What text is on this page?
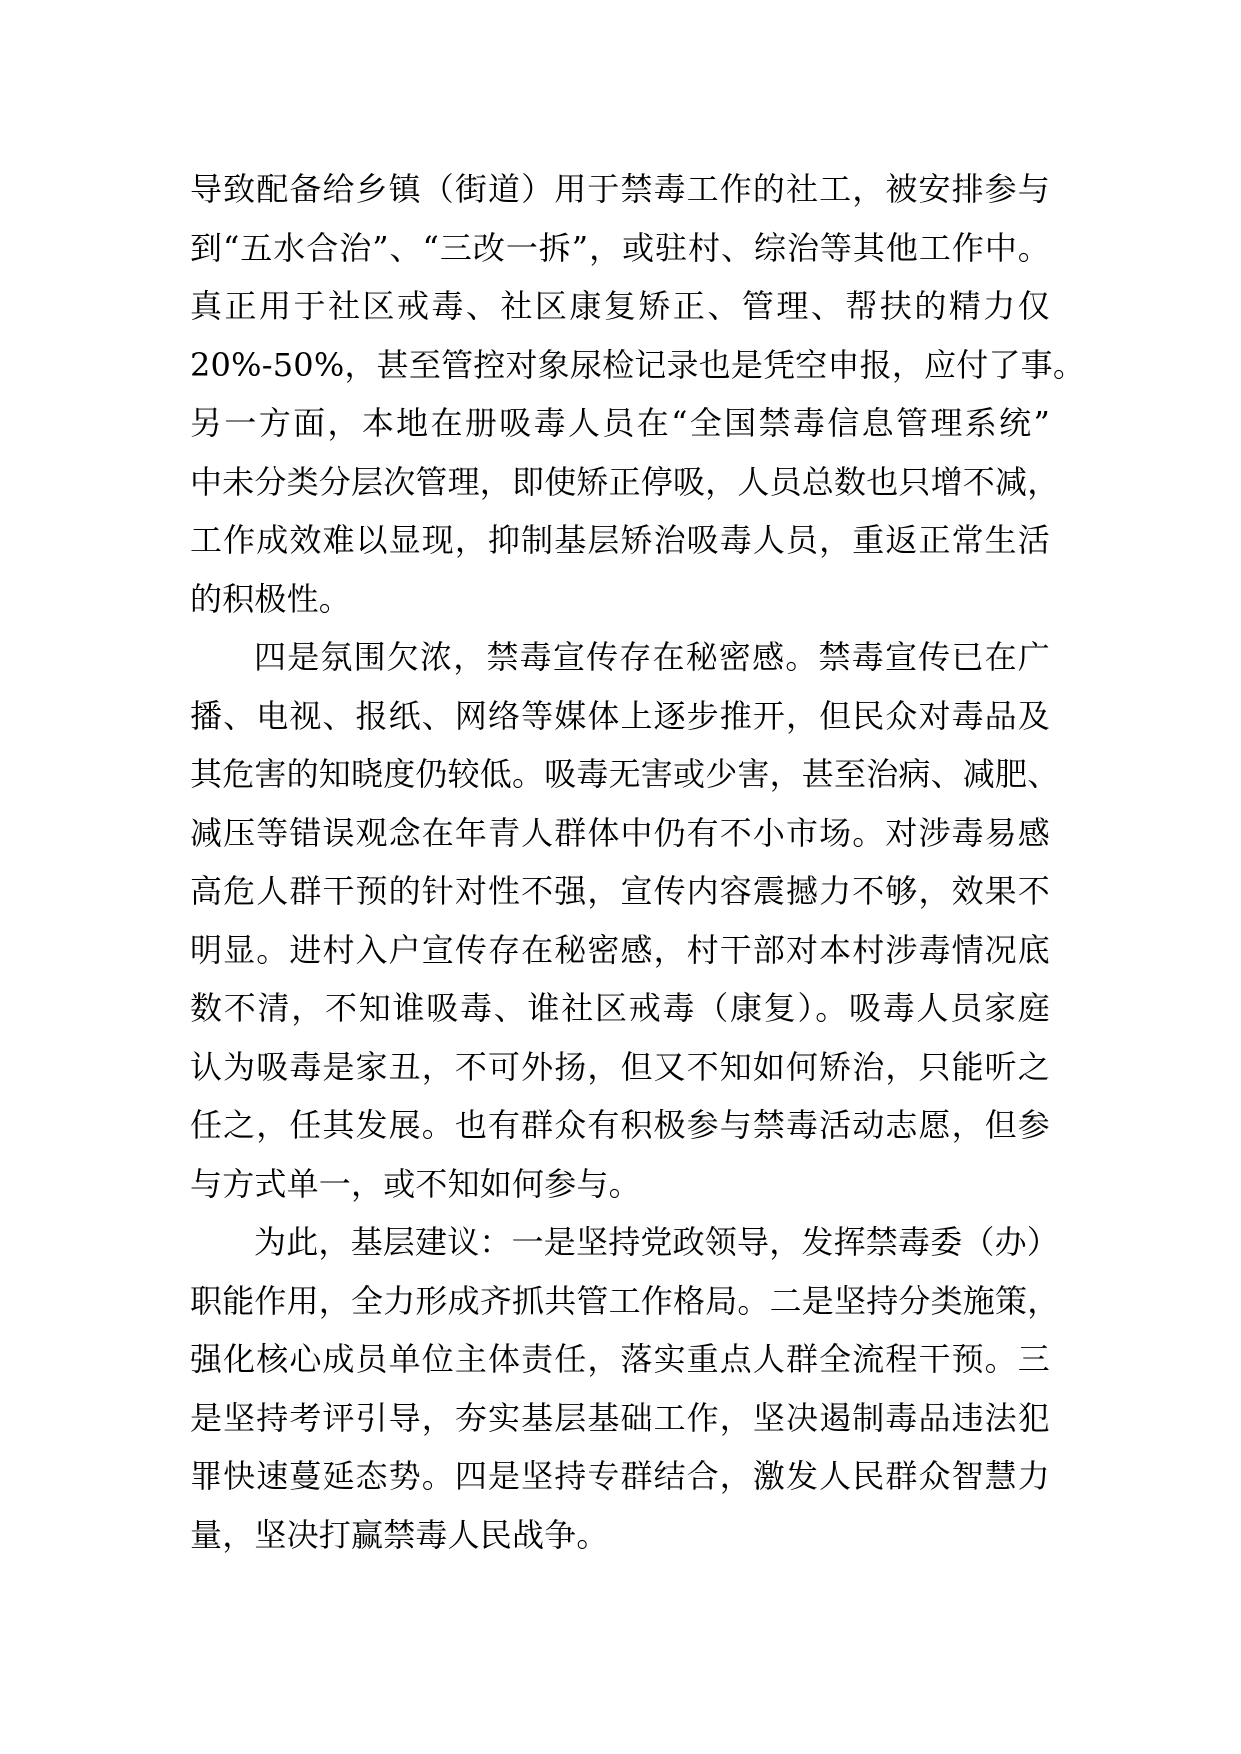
导致配备给乡镇（街道）用于禁毒工作的社工，被安排参与
到“五水合治”、“三改一拆”，或驻村、综治等其他工作中。
真正用于社区戒毒、社区康复矫正、管理、帮扶的精力仅
20%-50%，甚至管控对象尿检记录也是凭空申报，应付了事。
另一方面，本地在册吸毒人员在“全国禁毒信息管理系统”
中未分类分层次管理，即使矫正停吸，人员总数也只增不减，
工作成效难以显现，抑制基层矫治吸毒人员，重返正常生活
的积极性。
四是氛围欠浓，禁毒宣传存在秘密感。禁毒宣传已在广
播、电视、报纸、网络等媒体上逐步推开，但民众对毒品及
其危害的知晓度仍较低。吸毒无害或少害，甚至治病、减肥、
减压等错误观念在年青人群体中仍有不小市场。对涉毒易感
高危人群干预的针对性不强，宣传内容震撼力不够，效果不
明显。进村入户宣传存在秘密感，村干部对本村涉毒情况底
数不清，不知谁吸毒、谁社区戒毒（康复）。吸毒人员家庭
认为吸毒是家丑，不可外扬，但又不知如何矫治，只能听之
任之，任其发展。也有群众有积极参与禁毒活动志愿，但参
与方式单一，或不知如何参与。
为此，基层建议：一是坚持党政领导，发挥禁毒委（办）
职能作用，全力形成齐抓共管工作格局。二是坚持分类施策，
强化核心成员单位主体责任，落实重点人群全流程干预。三
是坚持考评引导，夯实基层基础工作，坚决遏制毒品违法犯
罪快速蔓延态势。四是坚持专群结合，激发人民群众智慧力
量，坚决打赢禁毒人民战争。
